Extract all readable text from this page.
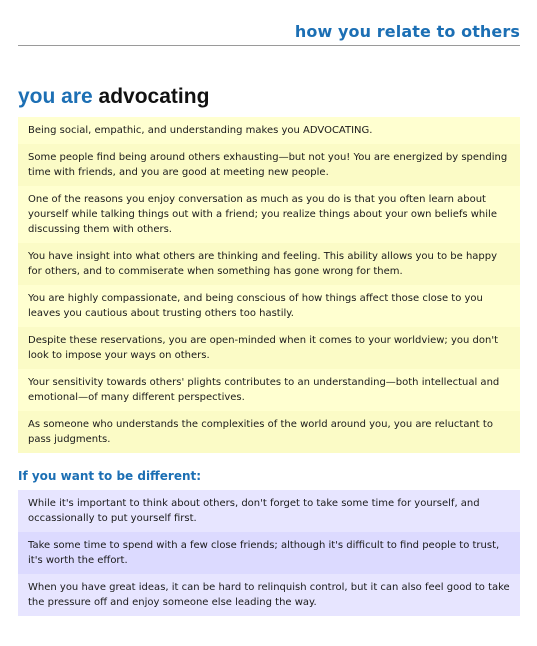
how you relate to others
you are advocating

Being social, empathic, and understanding makes you ADVOCATING.

Some people find being around others exhausting—but not you! You are energized by spending time with friends, and you are good at meeting new people.

One of the reasons you enjoy conversation as much as you do is that you often learn about yourself while talking things out with a friend; you realize things about your own beliefs while discussing them with others.

You have insight into what others are thinking and feeling. This ability allows you to be happy for others, and to commiserate when something has gone wrong for them.

You are highly compassionate, and being conscious of how things affect those close to you leaves you cautious about trusting others too hastily.

Despite these reservations, you are open-minded when it comes to your worldview; you don't look to impose your ways on others.

Your sensitivity towards others' plights contributes to an understanding—both intellectual and emotional—of many different perspectives.

As someone who understands the complexities of the world around you, you are reluctant to pass judgments.

If you want to be different:

While it's important to think about others, don't forget to take some time for yourself, and occassionally to put yourself first.

Take some time to spend with a few close friends; although it's difficult to find people to trust, it's worth the effort.

When you have great ideas, it can be hard to relinquish control, but it can also feel good to take the pressure off and enjoy someone else leading the way.
